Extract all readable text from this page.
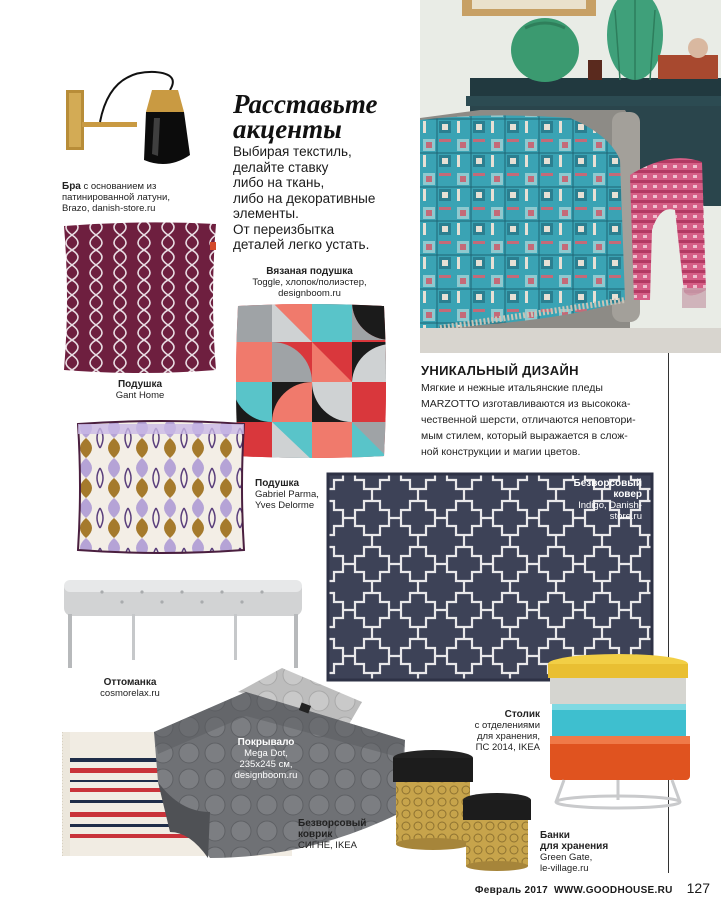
Расставьте
акценты
Выбирая текстиль,
делайте ставку
либо на ткань,
либо на декоративные
элементы.
От переизбытка
деталей легко устать.
Бра с основанием из
патинированной латуни,
Brazo, danish-store.ru
Подушка
Gant Home
Вязаная подушка
Toggle, хлопок/полиэстер,
designboom.ru
Подушка
Gabriel Parma,
Yves Delorme
УНИКАЛЬНЫЙ ДИЗАЙН
Мягкие и нежные итальянские пледы
MARZOTTO изготавливаются из высокока-
чественной шерсти, отличаются неповтори-
мым стилем, который выражается в слож-
ной конструкции и магии цветов.
Безворсовый
ковер
Indigo, Danish-
store.ru
Оттоманка
cosmorelax.ru
Столик
с отделениями
для хранения,
ПС 2014, IKEA
Покрывало
Mega Dot,
235x245 см,
designboom.ru
Безворсовый
коврик
СИГНЕ, IKEA
Банки
для хранения
Green Gate,
le-village.ru
Февраль 2017 WWW.GOODHOUSE.RU 127
